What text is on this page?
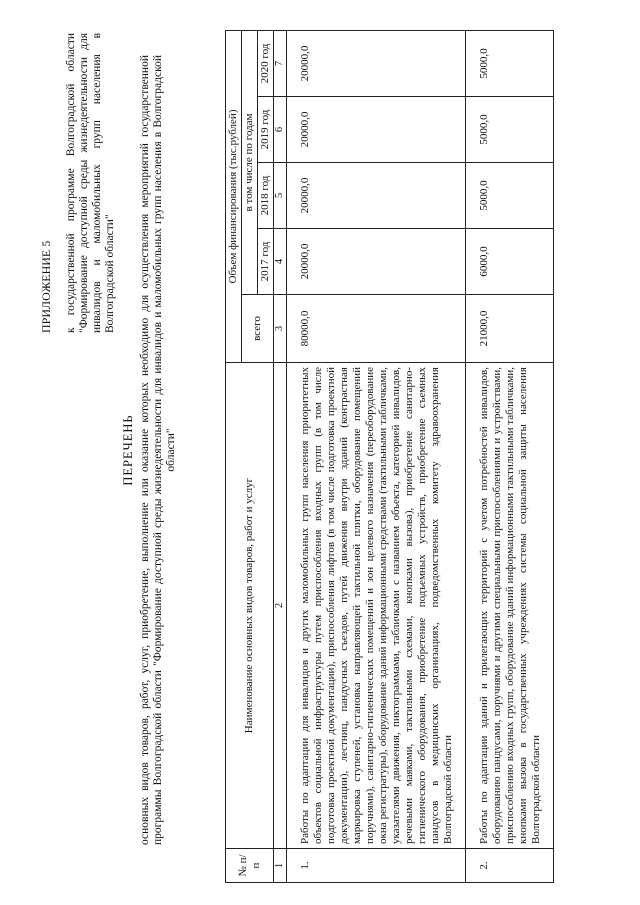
ПРИЛОЖЕНИЕ 5 к государственной программе Волгоградской области "Формирование доступной среды жизнедеятельности для инвалидов и маломобильных групп населения в Волгоградской области"
ПЕРЕЧЕНЬ основных видов товаров, работ, услуг, приобретение, выполнение или оказание которых необходимо для осуществления мероприятий государственной программы Волгоградской области "Формирование доступной среды жизнедеятельности для инвалидов и маломобильных групп населения в Волгоградской области"
№ п/п	Наименование основных видов товаров, работ и услуг	Объем финансирования (тыс.рублей)				
		всего	в том числе по годам			
			2017 год	2018 год	2019 год	2020 год
1	2	3	4	5	6	7
1.	Работы по адаптации для инвалидов и других маломобильных групп населения приоритетных объектов социальной инфраструктуры путем приспособления входных групп (в том числе подготовка проектной документации), приспособления лифтов (в том числе подготовка проектной документации), лестниц, пандусных съездов, путей движения внутри зданий (контрастная маркировка ступеней, установка направляющей тактильной плитки, оборудование помещений поручнями), санитарно-гигиенических помещений и зон целевого назначения (переоборудование окна регистратуры), оборудование зданий информационными средствами (тактильными табличками, указателями движения, пиктограммами, табличками с названием объекта, категорией инвалидов, речевыми маяками, тактильными схемами, кнопками вызова), приобретение санитарно-гигиенического оборудования, приобретение подъемных устройств, приобретение съемных пандусов в медицинских организациях, подведомственных комитету здравоохранения Волгоградской области	80000,0	20000,0	20000,0	20000,0	20000,0
2.	Работы по адаптации зданий и прилегающих территорий с учетом потребностей инвалидов, оборудованию пандусами, поручнями и другими специальными приспособлениями и устройствами, приспособлению входных групп, оборудование зданий информационными тактильными табличками, кнопками вызова в государственных учреждениях системы социальной защиты населения Волгоградской области	21000,0	6000,0	5000,0	5000,0	5000,0
